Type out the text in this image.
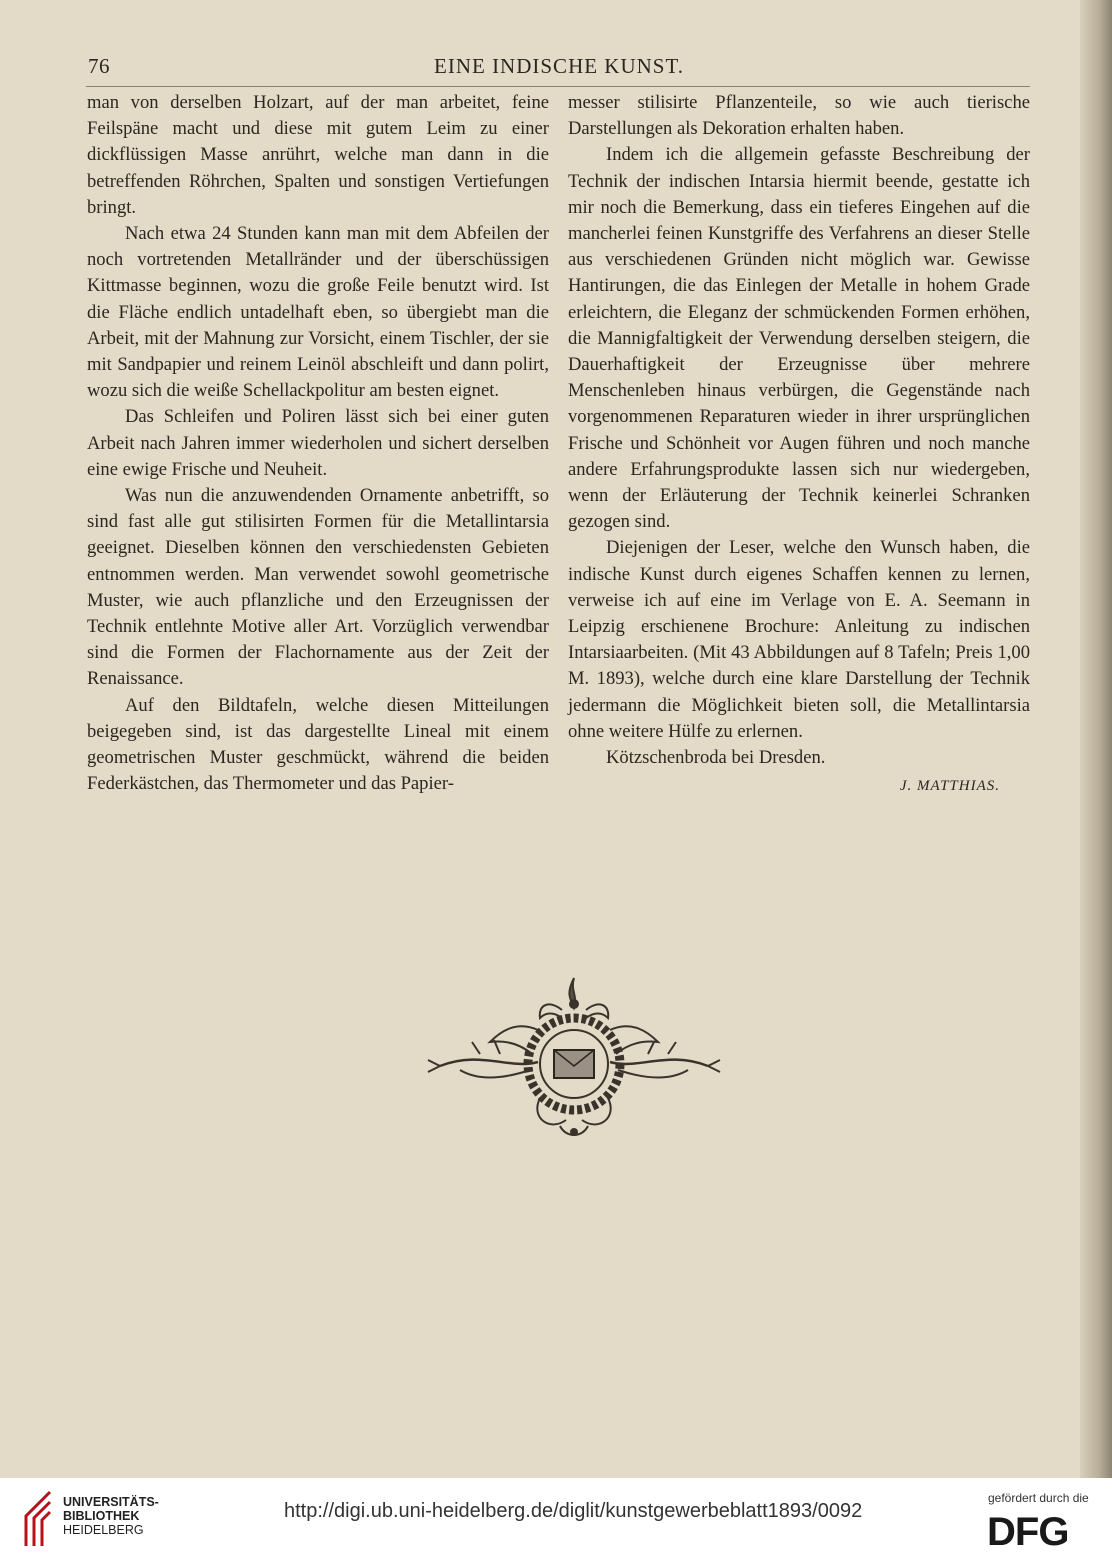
76	EINE INDISCHE KUNST.

man von derselben Holzart, auf der man arbeitet, feine Feilspäne macht und diese mit gutem Leim zu einer dickflüssigen Masse anrührt, welche man dann in die betreffenden Röhrchen, Spalten und sonstigen Vertiefungen bringt.

Nach etwa 24 Stunden kann man mit dem Abfeilen der noch vortretenden Metallränder und der überschüssigen Kittmasse beginnen, wozu die große Feile benutzt wird. Ist die Fläche endlich untadelhaft eben, so übergiebt man die Arbeit, mit der Mahnung zur Vorsicht, einem Tischler, der sie mit Sandpapier und reinem Leinöl abschleift und dann polirt, wozu sich die weiße Schellackpolitur am besten eignet.

Das Schleifen und Poliren lässt sich bei einer guten Arbeit nach Jahren immer wiederholen und sichert derselben eine ewige Frische und Neuheit.

Was nun die anzuwendenden Ornamente anbetrifft, so sind fast alle gut stilisirten Formen für die Metallintarsia geeignet. Dieselben können den verschiedensten Gebieten entnommen werden. Man verwendet sowohl geometrische Muster, wie auch pflanzliche und den Erzeugnissen der Technik entlehnte Motive aller Art. Vorzüglich verwendbar sind die Formen der Flachornamente aus der Zeit der Renaissance.

Auf den Bildtafeln, welche diesen Mitteilungen beigegeben sind, ist das dargestellte Lineal mit einem geometrischen Muster geschmückt, während die beiden Federkästchen, das Thermometer und das Papier-

messer stilisirte Pflanzenteile, so wie auch tierische Darstellungen als Dekoration erhalten haben.

Indem ich die allgemein gefasste Beschreibung der Technik der indischen Intarsia hiermit beende, gestatte ich mir noch die Bemerkung, dass ein tieferes Eingehen auf die mancherlei feinen Kunstgriffe des Verfahrens an dieser Stelle aus verschiedenen Gründen nicht möglich war. Gewisse Hantirungen, die das Einlegen der Metalle in hohem Grade erleichtern, die Eleganz der schmückenden Formen erhöhen, die Mannigfaltigkeit der Verwendung derselben steigern, die Dauerhaftigkeit der Erzeugnisse über mehrere Menschenleben hinaus verbürgen, die Gegenstände nach vorgenommenen Reparaturen wieder in ihrer ursprünglichen Frische und Schönheit vor Augen führen und noch manche andere Erfahrungsprodukte lassen sich nur wiedergeben, wenn der Erläuterung der Technik keinerlei Schranken gezogen sind.

Diejenigen der Leser, welche den Wunsch haben, die indische Kunst durch eigenes Schaffen kennen zu lernen, verweise ich auf eine im Verlage von E. A. Seemann in Leipzig erschienene Brochure: Anleitung zu indischen Intarsiaarbeiten. (Mit 43 Abbildungen auf 8 Tafeln; Preis 1,00 M. 1893), welche durch eine klare Darstellung der Technik jedermann die Möglichkeit bieten soll, die Metallintarsia ohne weitere Hülfe zu erlernen.

Kötzschenbroda bei Dresden.

J. MATTHIAS.
UNIVERSITÄTS-
BIBLIOTHEK
HEIDELBERG
http://digi.ub.uni-heidelberg.de/diglit/kunstgewerbeblatt1893/0092
gefördert durch die
DFG
